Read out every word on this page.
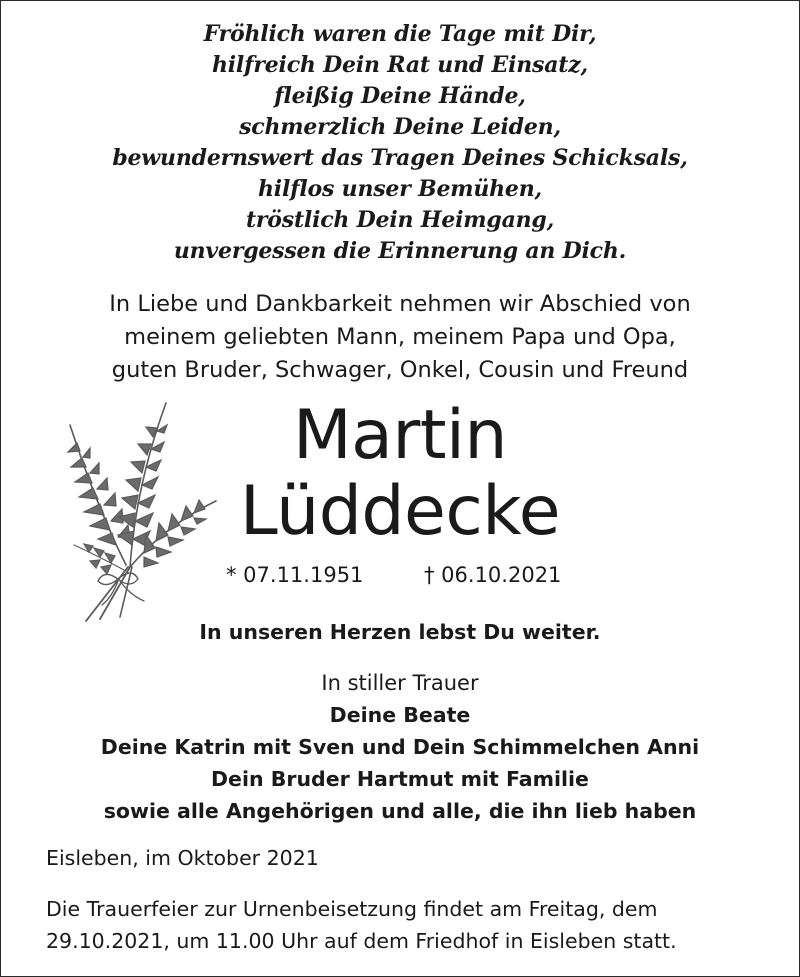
Fröhlich waren die Tage mit Dir,
hilfreich Dein Rat und Einsatz,
fleißig Deine Hände,
schmerzlich Deine Leiden,
bewundernswert das Tragen Deines Schicksals,
hilflos unser Bemühen,
tröstlich Dein Heimgang,
unvergessen die Erinnerung an Dich.
In Liebe und Dankbarkeit nehmen wir Abschied von
meinem geliebten Mann, meinem Papa und Opa,
guten Bruder, Schwager, Onkel, Cousin und Freund
Martin
Lüddecke
* 07.11.1951	† 06.10.2021
In unseren Herzen lebst Du weiter.
In stiller Trauer
Deine Beate
Deine Katrin mit Sven und Dein Schimmelchen Anni
Dein Bruder Hartmut mit Familie
sowie alle Angehörigen und alle, die ihn lieb haben
Eisleben, im Oktober 2021
Die Trauerfeier zur Urnenbeisetzung findet am Freitag, dem
29.10.2021, um 11.00 Uhr auf dem Friedhof in Eisleben statt.
